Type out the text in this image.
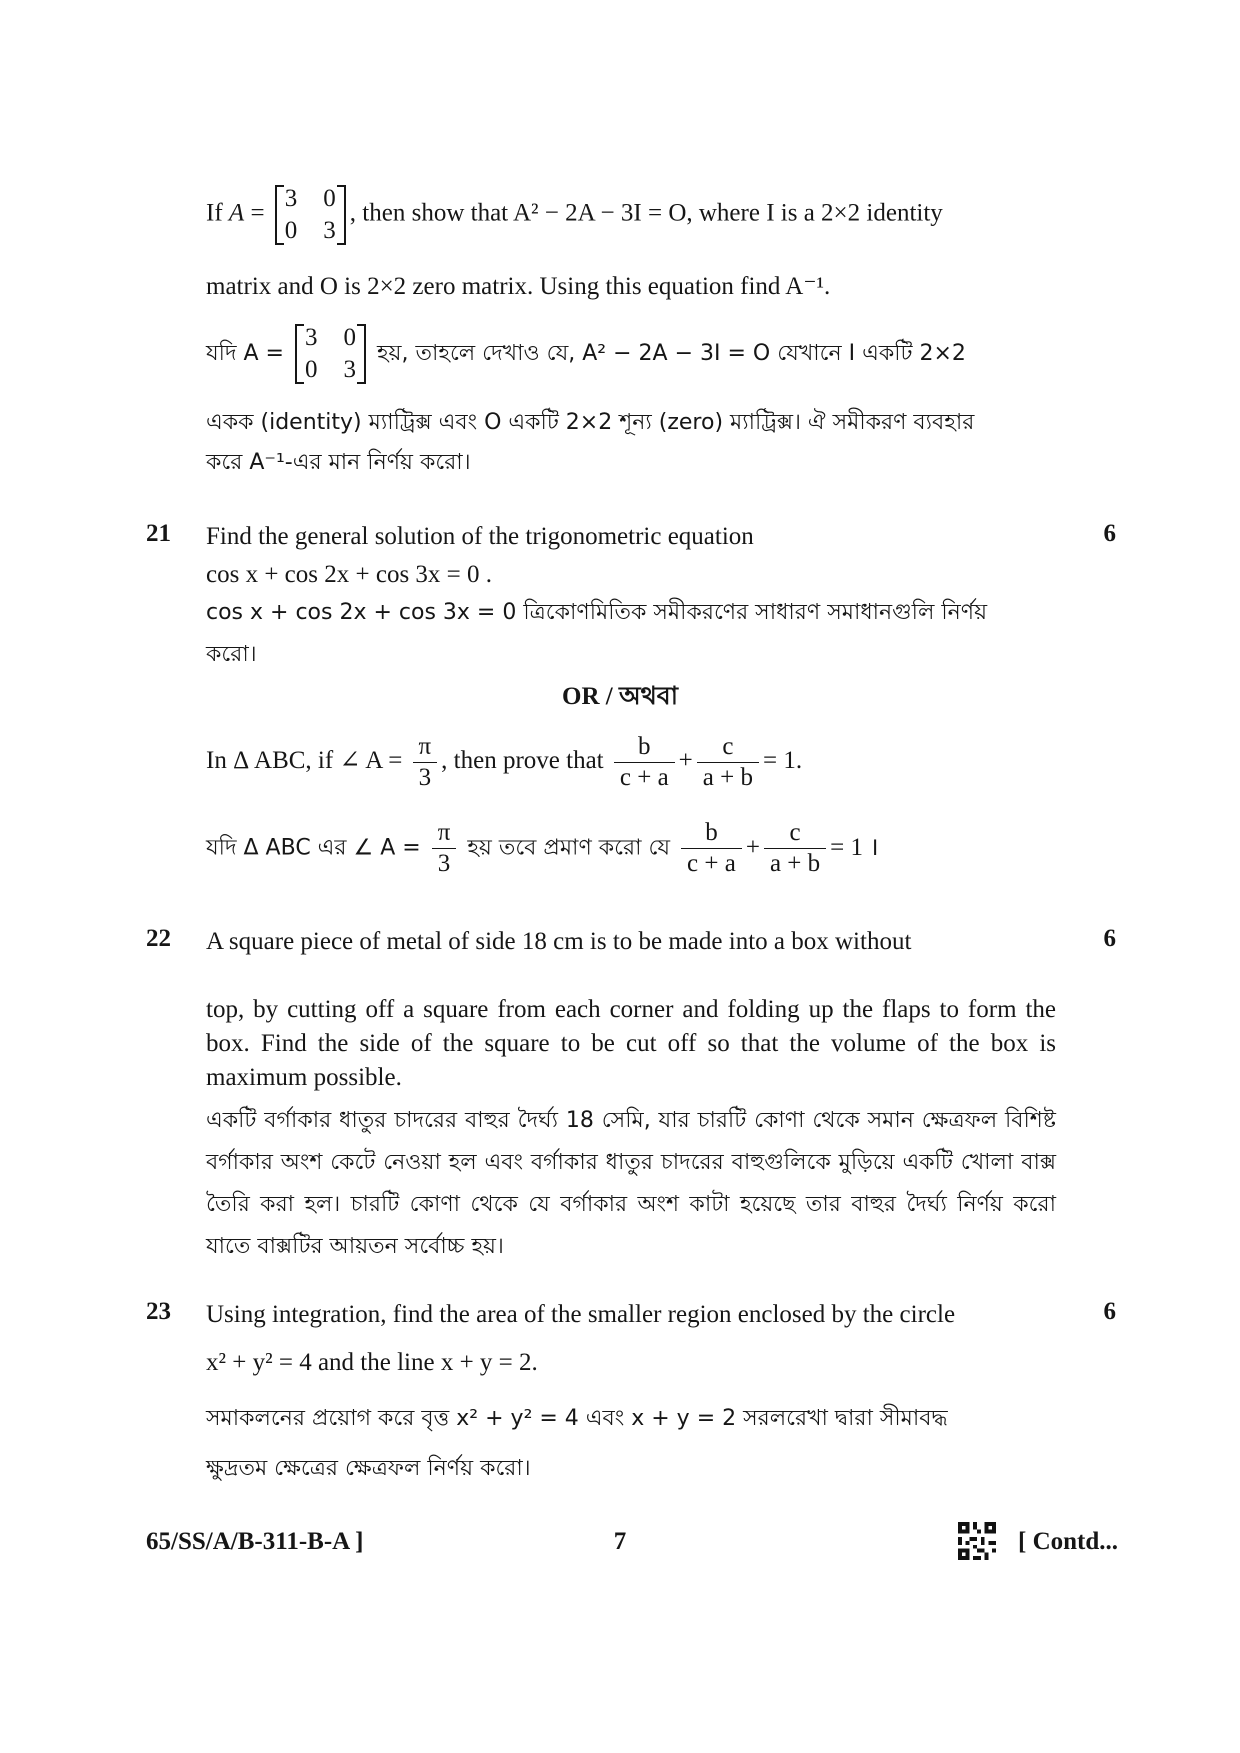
If A =
3 0
0 3
, then show that A² − 2A − 3I = O, where I is a 2×2 identity
matrix and O is 2×2 zero matrix. Using this equation find A⁻¹.
যদি A =
3 0
0 3
হয়, তাহলে দেখাও যে, A² − 2A − 3I = O যেখানে I একটি 2×2
একক (identity) ম্যাট্রিক্স এবং O একটি 2×2 শূন্য (zero) ম্যাট্রিক্স। ঐ সমীকরণ ব্যবহার
করে A⁻¹-এর মান নির্ণয় করো।
21	6
Find the general solution of the trigonometric equation
cos x + cos 2x + cos 3x = 0 .
cos x + cos 2x + cos 3x = 0 ত্রিকোণমিতিক সমীকরণের সাধারণ সমাধানগুলি নির্ণয়
করো।
OR / অথবা
In Δ ABC, if ∠ $A = \frac{\pi}{3}$ , then prove that $\frac{b}{c + a} + \frac{c}{a + b} = 1$.
যদি Δ ABC এর ∠ $A = \frac{\pi}{3}$ হয় তবে প্রমাণ করো যে $\frac{b}{c + a} + \frac{c}{a + b} = 1$ ।
22	6
A square piece of metal of side 18 cm is to be made into a box without
top, by cutting off a square from each corner and folding up the flaps to form the box. Find the side of the square to be cut off so that the volume of the box is maximum possible.
একটি বর্গাকার ধাতুর চাদরের বাহুর দৈর্ঘ্য 18 সেমি, যার চারটি কোণা থেকে সমান ক্ষেত্রফল বিশিষ্ট বর্গাকার অংশ কেটে নেওয়া হল এবং বর্গাকার ধাতুর চাদরের বাহুগুলিকে মুড়িয়ে একটি খোলা বাক্স তৈরি করা হল। চারটি কোণা থেকে যে বর্গাকার অংশ কাটা হয়েছে তার বাহুর দৈর্ঘ্য নির্ণয় করো যাতে বাক্সটির আয়তন সর্বোচ্চ হয়।
23	6
Using integration, find the area of the smaller region enclosed by the circle
x² + y² = 4 and the line x + y = 2.
সমাকলনের প্রয়োগ করে বৃত্ত x² + y² = 4 এবং x + y = 2 সরলরেখা দ্বারা সীমাবদ্ধ
ক্ষুদ্রতম ক্ষেত্রের ক্ষেত্রফল নির্ণয় করো।
65/SS/A/B-311-B-A ]	7	[ Contd...
